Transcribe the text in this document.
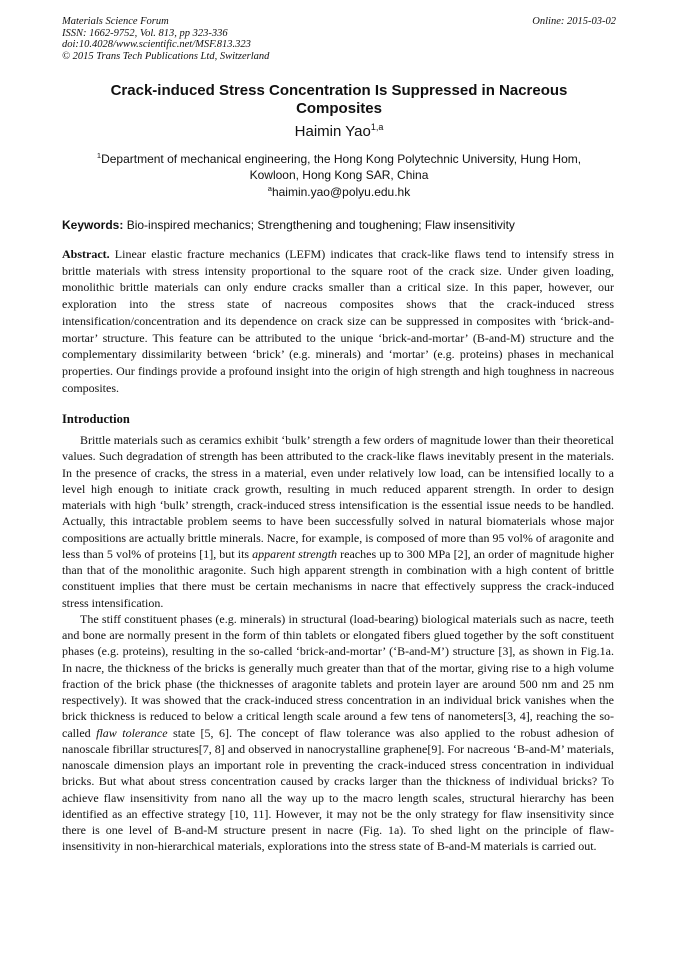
Materials Science Forum
ISSN: 1662-9752, Vol. 813, pp 323-336
doi:10.4028/www.scientific.net/MSF.813.323
© 2015 Trans Tech Publications Ltd, Switzerland
Online: 2015-03-02
Crack-induced Stress Concentration Is Suppressed in Nacreous Composites
Haimin Yao$^{1,a}$
$^1$Department of mechanical engineering, the Hong Kong Polytechnic University, Hung Hom, Kowloon, Hong Kong SAR, China
$^a$haimin.yao@polyu.edu.hk
Keywords: Bio-inspired mechanics; Strengthening and toughening; Flaw insensitivity
Abstract. Linear elastic fracture mechanics (LEFM) indicates that crack-like flaws tend to intensify stress in brittle materials with stress intensity proportional to the square root of the crack size. Under given loading, monolithic brittle materials can only endure cracks smaller than a critical size. In this paper, however, our exploration into the stress state of nacreous composites shows that the crack-induced stress intensification/concentration and its dependence on crack size can be suppressed in composites with ‘brick-and-mortar’ structure. This feature can be attributed to the unique ‘brick-and-mortar’ (B-and-M) structure and the complementary dissimilarity between ‘brick’ (e.g. minerals) and ‘mortar’ (e.g. proteins) phases in mechanical properties. Our findings provide a profound insight into the origin of high strength and high toughness in nacreous composites.
Introduction

Brittle materials such as ceramics exhibit ‘bulk’ strength a few orders of magnitude lower than their theoretical values. Such degradation of strength has been attributed to the crack-like flaws inevitably present in the materials. In the presence of cracks, the stress in a material, even under relatively low load, can be intensified locally to a level high enough to initiate crack growth, resulting in much reduced apparent strength. In order to design materials with high ‘bulk’ strength, crack-induced stress intensification is the essential issue needs to be handled. Actually, this intractable problem seems to have been successfully solved in natural biomaterials whose major compositions are actually brittle minerals. Nacre, for example, is composed of more than 95 vol% of aragonite and less than 5 vol% of proteins [1], but its apparent strength reaches up to 300 MPa [2], an order of magnitude higher than that of the monolithic aragonite. Such high apparent strength in combination with a high content of brittle constituent implies that there must be certain mechanisms in nacre that effectively suppress the crack-induced stress intensification.

The stiff constituent phases (e.g. minerals) in structural (load-bearing) biological materials such as nacre, teeth and bone are normally present in the form of thin tablets or elongated fibers glued together by the soft constituent phases (e.g. proteins), resulting in the so-called ‘brick-and-mortar’ (‘B-and-M’) structure [3], as shown in Fig.1a. In nacre, the thickness of the bricks is generally much greater than that of the mortar, giving rise to a high volume fraction of the brick phase (the thicknesses of aragonite tablets and protein layer are around 500 nm and 25 nm respectively). It was showed that the crack-induced stress concentration in an individual brick vanishes when the brick thickness is reduced to below a critical length scale around a few tens of nanometers[3, 4], reaching the so-called flaw tolerance state [5, 6]. The concept of flaw tolerance was also applied to the robust adhesion of nanoscale fibrillar structures[7, 8] and observed in nanocrystalline graphene[9]. For nacreous ‘B-and-M’ materials, nanoscale dimension plays an important role in preventing the crack-induced stress concentration in individual bricks. But what about stress concentration caused by cracks larger than the thickness of individual bricks? To achieve flaw insensitivity from nano all the way up to the macro length scales, structural hierarchy has been identified as an effective strategy [10, 11]. However, it may not be the only strategy for flaw insensitivity since there is one level of B-and-M structure present in nacre (Fig. 1a). To shed light on the principle of flaw-insensitivity in non-hierarchical materials, explorations into the stress state of B-and-M materials is carried out.
